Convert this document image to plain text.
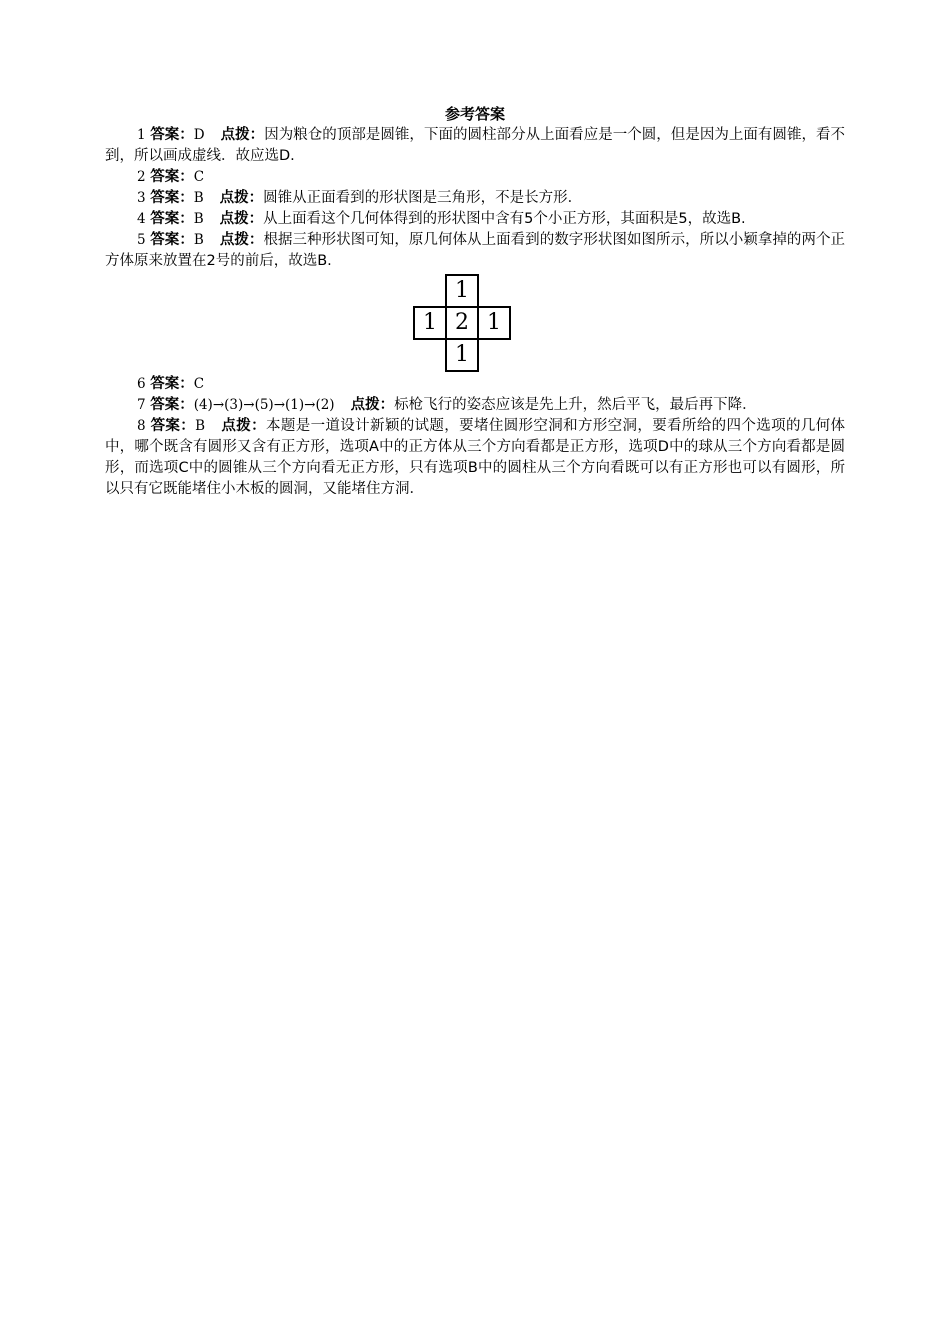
参考答案
1 答案：D 点拨：因为粮仓的顶部是圆锥，下面的圆柱部分从上面看应是一个圆，但是因为上面有圆锥，看不到，所以画成虚线．故应选D.
2 答案：C
3 答案：B 点拨：圆锥从正面看到的形状图是三角形，不是长方形．
4 答案：B 点拨：从上面看这个几何体得到的形状图中含有5个小正方形，其面积是5，故选B.
5 答案：B 点拨：根据三种形状图可知，原几何体从上面看到的数字形状图如图所示，所以小颖拿掉的两个正方体原来放置在2号的前后，故选B.
1
1 2 1
1
6 答案：C
7 答案：(4)→(3)→(5)→(1)→(2) 点拨：标枪飞行的姿态应该是先上升，然后平飞，最后再下降．
8 答案：B 点拨：本题是一道设计新颖的试题，要堵住圆形空洞和方形空洞，要看所给的四个选项的几何体中，哪个既含有圆形又含有正方形，选项A中的正方体从三个方向看都是正方形，选项D中的球从三个方向看都是圆形，而选项C中的圆锥从三个方向看无正方形，只有选项B中的圆柱从三个方向看既可以有正方形也可以有圆形，所以只有它既能堵住小木板的圆洞，又能堵住方洞．
